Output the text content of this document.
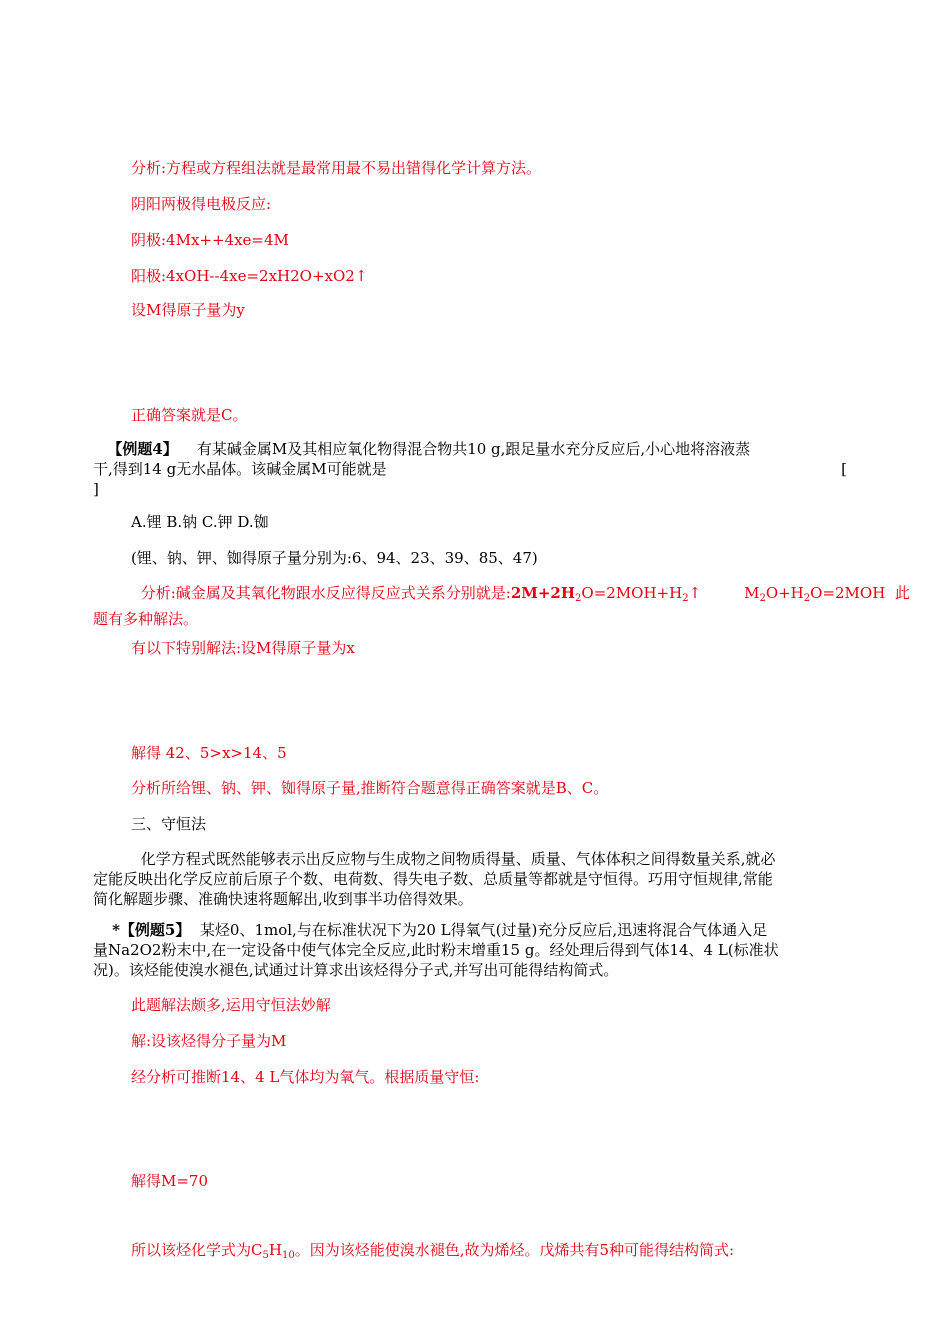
分析:方程或方程组法就是最常用最不易出错得化学计算方法。
阴阳两极得电极反应:
阴极:4Mx++4xe=4M
阳极:4xOH--4xe=2xH2O+xO2↑
设M得原子量为y
正确答案就是C。
【例题4】 有某碱金属M及其相应氧化物得混合物共10 g,跟足量水充分反应后,小心地将溶液蒸
干,得到14 g无水晶体。该碱金属M可能就是	[
]
A.锂 B.钠 C.钾 D.铷
(锂、钠、钾、铷得原子量分别为:6、94、23、39、85、47)
分析:碱金属及其氧化物跟水反应得反应式关系分别就是$:2M+2H_2O=2MOH+H_2↑$	$M_2O+H_2O=2MOH$  此
题有多种解法。
有以下特别解法:设M得原子量为x
解得 42、5>x>14、5
分析所给锂、钠、钾、铷得原子量,推断符合题意得正确答案就是B、C。
三、守恒法
化学方程式既然能够表示出反应物与生成物之间物质得量、质量、气体体积之间得数量关系,就必
定能反映出化学反应前后原子个数、电荷数、得失电子数、总质量等都就是守恒得。巧用守恒规律,常能
简化解题步骤、准确快速将题解出,收到事半功倍得效果。
*【例题5】 某烃0、1mol,与在标准状况下为20 L得氧气(过量)充分反应后,迅速将混合气体通入足
量Na2O2粉末中,在一定设备中使气体完全反应,此时粉末增重15 g。经处理后得到气体14、4 L(标准状
况)。该烃能使溴水褪色,试通过计算求出该烃得分子式,并写出可能得结构简式。
此题解法颇多,运用守恒法妙解
解:设该烃得分子量为M
经分析可推断14、4 L气体均为氧气。根据质量守恒:
解得M=70
所以该烃化学式为$C_5H_{10}$。因为该烃能使溴水褪色,故为烯烃。戊烯共有5种可能得结构简式:
